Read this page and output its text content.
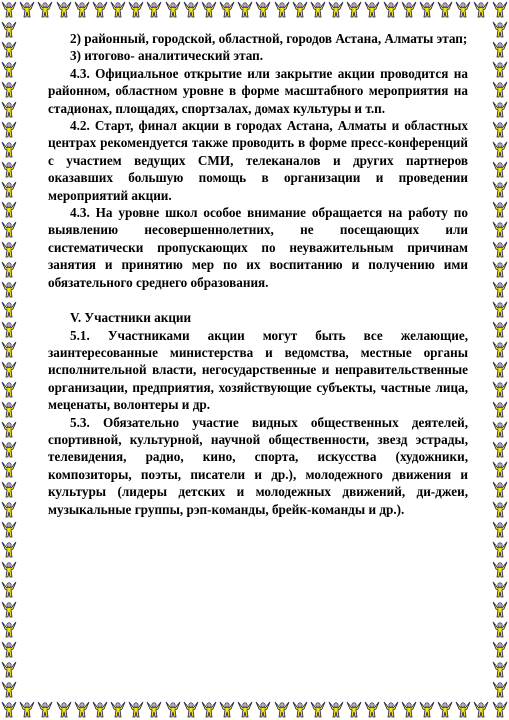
2) районный, городской, областной, городов Астана, Алматы этап;

3) итогово- аналитический этап.

4.3. Официальное открытие или закрытие акции проводится на районном, областном уровне в форме масштабного мероприятия на стадионах, площадях, спортзалах, домах культуры и т.п.

4.2. Старт, финал акции в городах Астана, Алматы и областных центрах рекомендуется также проводить в форме пресс-конференций с участием ведущих СМИ, телеканалов и других партнеров оказавших большую помощь в организации и проведении мероприятий акции.

4.3. На уровне школ особое внимание обращается на работу по выявлению несовершеннолетних, не посещающих или систематически пропускающих по неуважительным причинам занятия и принятию мер по их воспитанию и получению ими обязательного среднего образования.

V. Участники акции

5.1. Участниками акции могут быть все желающие, заинтересованные министерства и ведомства, местные органы исполнительной власти, негосударственные и неправительственные организации, предприятия, хозяйствующие субъекты, частные лица, меценаты, волонтеры и др.

5.3. Обязательно участие видных общественных деятелей, спортивной, культурной, научной общественности, звезд эстрады, телевидения, радио, кино, спорта, искусства (художники, композиторы, поэты, писатели и др.), молодежного движения и культуры (лидеры детских и молодежных движений, ди-джеи, музыкальные группы, рэп-команды, брейк-команды и др.).
